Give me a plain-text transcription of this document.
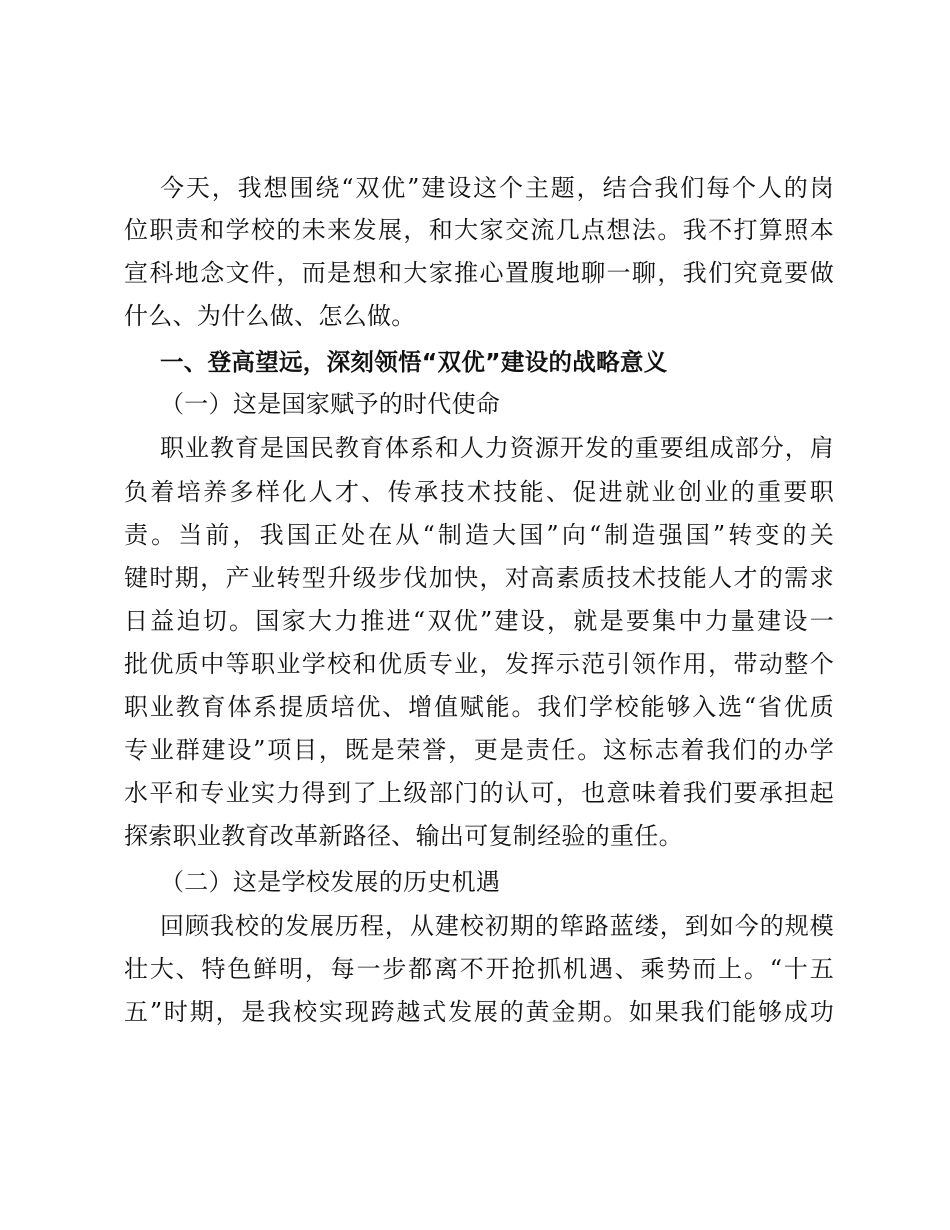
今天，我想围绕“双优”建设这个主题，结合我们每个人的岗
位职责和学校的未来发展，和大家交流几点想法。我不打算照本
宣科地念文件，而是想和大家推心置腹地聊一聊，我们究竟要做
什么、为什么做、怎么做。
一、登高望远，深刻领悟“双优”建设的战略意义
（一）这是国家赋予的时代使命
职业教育是国民教育体系和人力资源开发的重要组成部分，肩
负着培养多样化人才、传承技术技能、促进就业创业的重要职
责。当前，我国正处在从“制造大国”向“制造强国”转变的关
键时期，产业转型升级步伐加快，对高素质技术技能人才的需求
日益迫切。国家大力推进“双优”建设，就是要集中力量建设一
批优质中等职业学校和优质专业，发挥示范引领作用，带动整个
职业教育体系提质培优、增值赋能。我们学校能够入选“省优质
专业群建设”项目，既是荣誉，更是责任。这标志着我们的办学
水平和专业实力得到了上级部门的认可，也意味着我们要承担起
探索职业教育改革新路径、输出可复制经验的重任。
（二）这是学校发展的历史机遇
回顾我校的发展历程，从建校初期的筚路蓝缕，到如今的规模
壮大、特色鲜明，每一步都离不开抢抓机遇、乘势而上。“十五
五”时期，是我校实现跨越式发展的黄金期。如果我们能够成功
